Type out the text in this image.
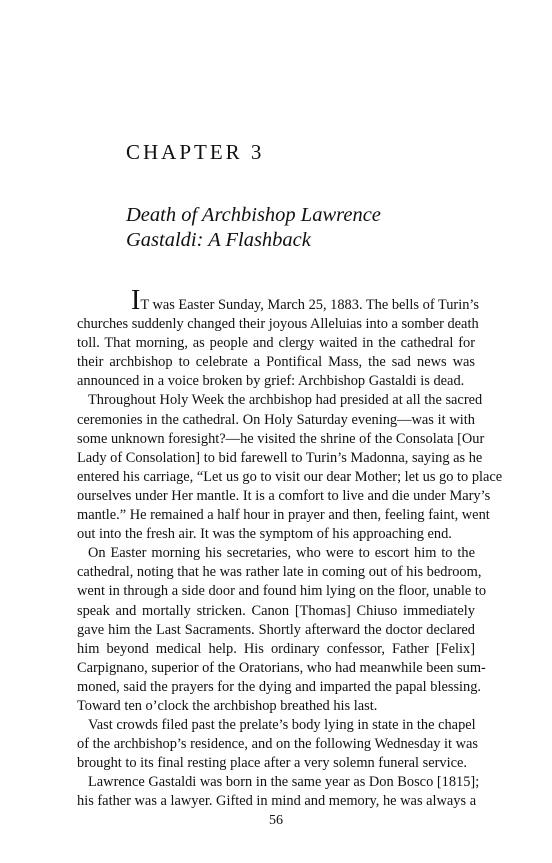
CHAPTER 3
Death of Archbishop Lawrence
Gastaldi: A Flashback
IT was Easter Sunday, March 25, 1883. The bells of Turin’s
churches suddenly changed their joyous Alleluias into a somber death
toll. That morning, as people and clergy waited in the cathedral for
their archbishop to celebrate a Pontifical Mass, the sad news was
announced in a voice broken by grief: Archbishop Gastaldi is dead.
Throughout Holy Week the archbishop had presided at all the sacred
ceremonies in the cathedral. On Holy Saturday evening—was it with
some unknown foresight?—he visited the shrine of the Consolata [Our
Lady of Consolation] to bid farewell to Turin’s Madonna, saying as he
entered his carriage, “Let us go to visit our dear Mother; let us go to place
ourselves under Her mantle. It is a comfort to live and die under Mary’s
mantle.” He remained a half hour in prayer and then, feeling faint, went
out into the fresh air. It was the symptom of his approaching end.
On Easter morning his secretaries, who were to escort him to the
cathedral, noting that he was rather late in coming out of his bedroom,
went in through a side door and found him lying on the floor, unable to
speak and mortally stricken. Canon [Thomas] Chiuso immediately
gave him the Last Sacraments. Shortly afterward the doctor declared
him beyond medical help. His ordinary confessor, Father [Felix]
Carpignano, superior of the Oratorians, who had meanwhile been sum-
moned, said the prayers for the dying and imparted the papal blessing.
Toward ten o’clock the archbishop breathed his last.
Vast crowds filed past the prelate’s body lying in state in the chapel
of the archbishop’s residence, and on the following Wednesday it was
brought to its final resting place after a very solemn funeral service.
Lawrence Gastaldi was born in the same year as Don Bosco [1815];
his father was a lawyer. Gifted in mind and memory, he was always a
56
